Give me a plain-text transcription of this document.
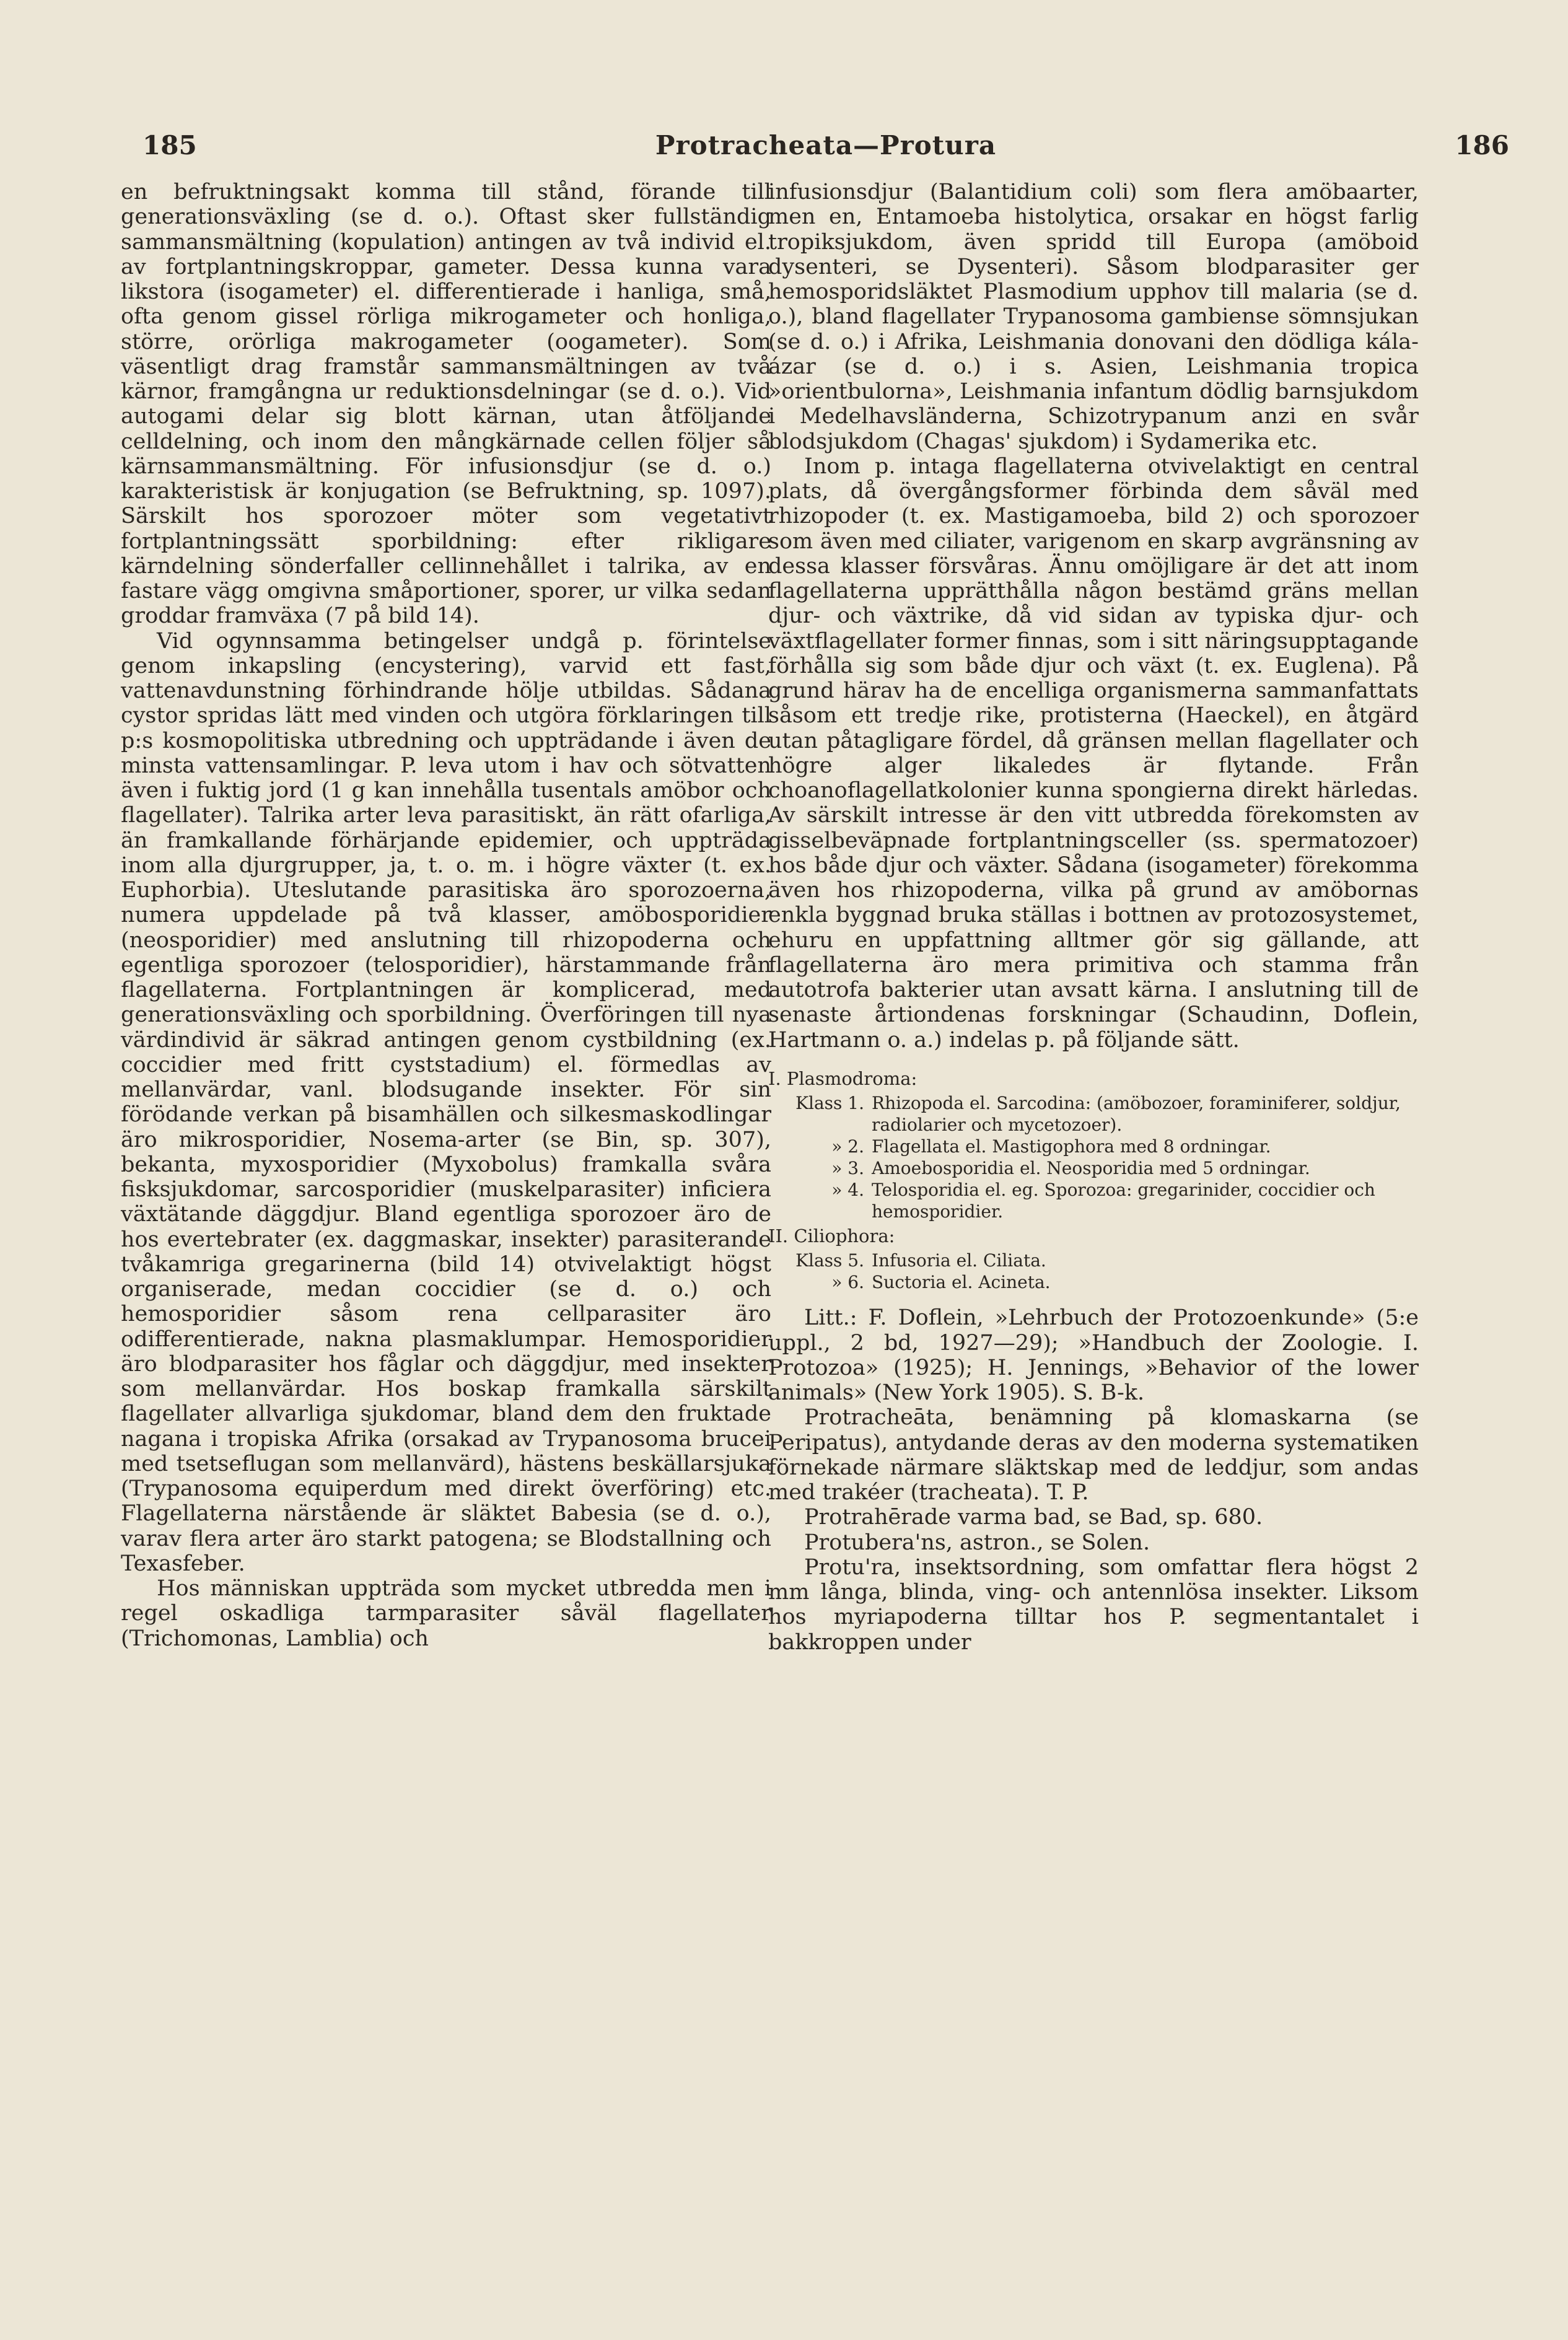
185	Protracheata—Protura	186

en befruktningsakt komma till stånd, förande till generationsväxling (se d. o.). Oftast sker fullständig sammansmältning (kopulation) antingen av två individ el. av fortplantningskroppar, gameter. Dessa kunna vara likstora (isogameter) el. differentierade i hanliga, små, ofta genom gissel rörliga mikrogameter och honliga, större, orörliga makrogameter (oogameter). Som väsentligt drag framstår sammansmältningen av två kärnor, framgångna ur reduktionsdelningar (se d. o.). Vid autogami delar sig blott kärnan, utan åtföljande celldelning, och inom den mångkärnade cellen följer så kärnsammansmältning. För infusionsdjur (se d. o.) karakteristisk är konjugation (se Befruktning, sp. 1097). Särskilt hos sporozoer möter som vegetativt fortplantningssätt sporbildning: efter rikligare kärndelning sönderfaller cellinnehållet i talrika, av en fastare vägg omgivna småportioner, sporer, ur vilka sedan groddar framväxa (7 på bild 14).

Vid ogynnsamma betingelser undgå p. förintelse genom inkapsling (encystering), varvid ett fast, vattenavdunstning förhindrande hölje utbildas. Sådana cystor spridas lätt med vinden och utgöra förklaringen till p:s kosmopolitiska utbredning och uppträdande i även de minsta vattensamlingar. P. leva utom i hav och sötvatten även i fuktig jord (1 g kan innehålla tusentals amöbor och flagellater). Talrika arter leva parasitiskt, än rätt ofarliga, än framkallande förhärjande epidemier, och uppträda inom alla djurgrupper, ja, t. o. m. i högre växter (t. ex. Euphorbia). Uteslutande parasitiska äro sporozoerna, numera uppdelade på två klasser, amöbosporidier (neosporidier) med anslutning till rhizopoderna och egentliga sporozoer (telosporidier), härstammande från flagellaterna. Fortplantningen är komplicerad, med generationsväxling och sporbildning. Överföringen till nya värdindivid är säkrad antingen genom cystbildning (ex. coccidier med fritt cyststadium) el. förmedlas av mellanvärdar, vanl. blodsugande insekter. För sin förödande verkan på bisamhällen och silkesmaskodlingar äro mikrosporidier, Nosema-arter (se Bin, sp. 307), bekanta, myxosporidier (Myxobolus) framkalla svåra fisksjukdomar, sarcosporidier (muskelparasiter) inficiera växtätande däggdjur. Bland egentliga sporozoer äro de hos evertebrater (ex. daggmaskar, insekter) parasiterande tvåkamriga gregarinerna (bild 14) otvivelaktigt högst organiserade, medan coccidier (se d. o.) och hemosporidier såsom rena cellparasiter äro odifferentierade, nakna plasmaklumpar. Hemosporidier äro blodparasiter hos fåglar och däggdjur, med insekter som mellanvärdar. Hos boskap framkalla särskilt flagellater allvarliga sjukdomar, bland dem den fruktade nagana i tropiska Afrika (orsakad av Trypanosoma brucei med tsetseflugan som mellanvärd), hästens beskällarsjuka (Trypanosoma equiperdum med direkt överföring) etc. Flagellaterna närstående är släktet Babesia (se d. o.), varav flera arter äro starkt patogena; se Blodstallning och Texasfeber.

Hos människan uppträda som mycket utbredda men i regel oskadliga tarmparasiter såväl flagellater (Trichomonas, Lamblia) och

infusionsdjur (Balantidium coli) som flera amöbaarter, men en, Entamoeba histolytica, orsakar en högst farlig tropiksjukdom, även spridd till Europa (amöboid dysenteri, se Dysenteri). Såsom blodparasiter ger hemosporidsläktet Plasmodium upphov till malaria (se d. o.), bland flagellater Trypanosoma gambiense sömnsjukan (se d. o.) i Afrika, Leishmania donovani den dödliga kála-ázar (se d. o.) i s. Asien, Leishmania tropica »orientbulorna», Leishmania infantum dödlig barnsjukdom i Medelhavsländerna, Schizotrypanum anzi en svår blodsjukdom (Chagas' sjukdom) i Sydamerika etc.

Inom p. intaga flagellaterna otvivelaktigt en central plats, då övergångsformer förbinda dem såväl med rhizopoder (t. ex. Mastigamoeba, bild 2) och sporozoer som även med ciliater, varigenom en skarp avgränsning av dessa klasser försvåras. Ännu omöjligare är det att inom flagellaterna upprätthålla någon bestämd gräns mellan djur- och växtrike, då vid sidan av typiska djur- och växtflagellater former finnas, som i sitt näringsupptagande förhålla sig som både djur och växt (t. ex. Euglena). På grund härav ha de encelliga organismerna sammanfattats såsom ett tredje rike, protisterna (Haeckel), en åtgärd utan påtagligare fördel, då gränsen mellan flagellater och högre alger likaledes är flytande. Från choanoflagellatkolonier kunna spongierna direkt härledas. Av särskilt intresse är den vitt utbredda förekomsten av gisselbeväpnade fortplantningsceller (ss. spermatozoer) hos både djur och växter. Sådana (isogameter) förekomma även hos rhizopoderna, vilka på grund av amöbornas enkla byggnad bruka ställas i bottnen av protozosystemet, ehuru en uppfattning alltmer gör sig gällande, att flagellaterna äro mera primitiva och stamma från autotrofa bakterier utan avsatt kärna. I anslutning till de senaste årtiondenas forskningar (Schaudinn, Doflein, Hartmann o. a.) indelas p. på följande sätt.

I. Plasmodroma:
Klass 1. Rhizopoda el. Sarcodina: (amöbozoer, foraminiferer, soldjur, radiolarier och mycetozoer).
» 2. Flagellata el. Mastigophora med 8 ordningar.
» 3. Amoebosporidia el. Neosporidia med 5 ordningar.
» 4. Telosporidia el. eg. Sporozoa: gregarinider, coccidier och hemosporidier.
II. Ciliophora:
Klass 5. Infusoria el. Ciliata.
» 6. Suctoria el. Acineta.

Litt.: F. Doflein, »Lehrbuch der Protozoenkunde» (5:e uppl., 2 bd, 1927—29); »Handbuch der Zoologie. I. Protozoa» (1925); H. Jennings, »Behavior of the lower animals» (New York 1905). S. B-k.

Protracheāta, benämning på klomaskarna (se Peripatus), antydande deras av den moderna systematiken förnekade närmare släktskap med de leddjur, som andas med trakéer (tracheata). T. P.

Protrahērade varma bad, se Bad, sp. 680.

Protubera'ns, astron., se Solen.

Protu'ra, insektsordning, som omfattar flera högst 2 mm långa, blinda, ving- och antennlösa insekter. Liksom hos myriapoderna tilltar hos P. segmentantalet i bakkroppen under
